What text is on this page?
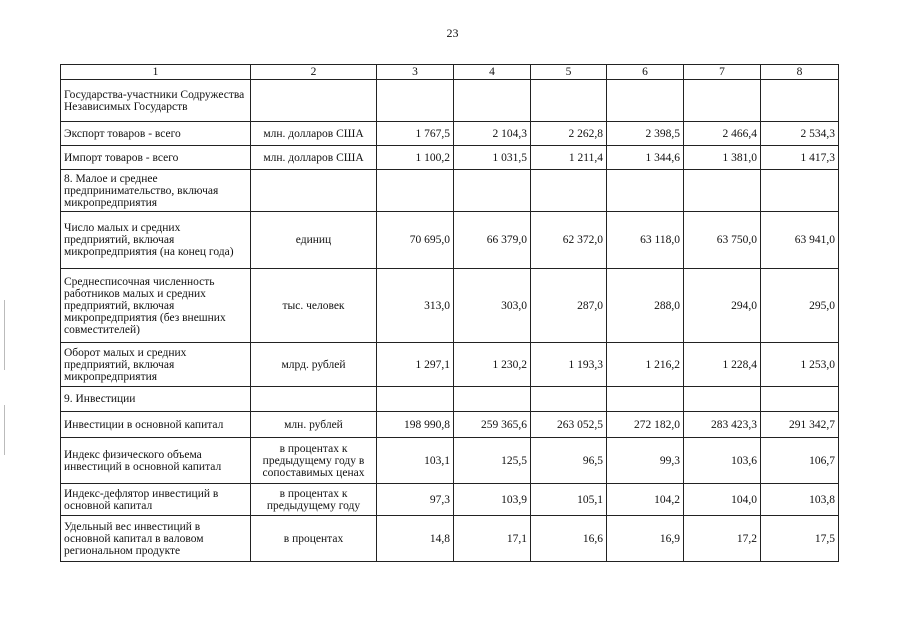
23
1	2	3	4	5	6	7	8
Государства-участники Содружества Независимых Государств							
Экспорт товаров - всего	млн. долларов США	1 767,5	2 104,3	2 262,8	2 398,5	2 466,4	2 534,3
Импорт товаров - всего	млн. долларов США	1 100,2	1 031,5	1 211,4	1 344,6	1 381,0	1 417,3
8. Малое и среднее предпринимательство, включая микропредприятия							
Число малых и средних предприятий, включая микропредприятия (на конец года)	единиц	70 695,0	66 379,0	62 372,0	63 118,0	63 750,0	63 941,0
Среднесписочная численность работников малых и средних предприятий, включая микропредприятия (без внешних совместителей)	тыс. человек	313,0	303,0	287,0	288,0	294,0	295,0
Оборот малых и средних предприятий, включая микропредприятия	млрд. рублей	1 297,1	1 230,2	1 193,3	1 216,2	1 228,4	1 253,0
9. Инвестиции							
Инвестиции в основной капитал	млн. рублей	198 990,8	259 365,6	263 052,5	272 182,0	283 423,3	291 342,7
Индекс физического объема инвестиций в основной капитал	в процентах к предыдущему году в сопоставимых ценах	103,1	125,5	96,5	99,3	103,6	106,7
Индекс-дефлятор инвестиций в основной капитал	в процентах к предыдущему году	97,3	103,9	105,1	104,2	104,0	103,8
Удельный вес инвестиций в основной капитал в валовом региональном продукте	в процентах	14,8	17,1	16,6	16,9	17,2	17,5
